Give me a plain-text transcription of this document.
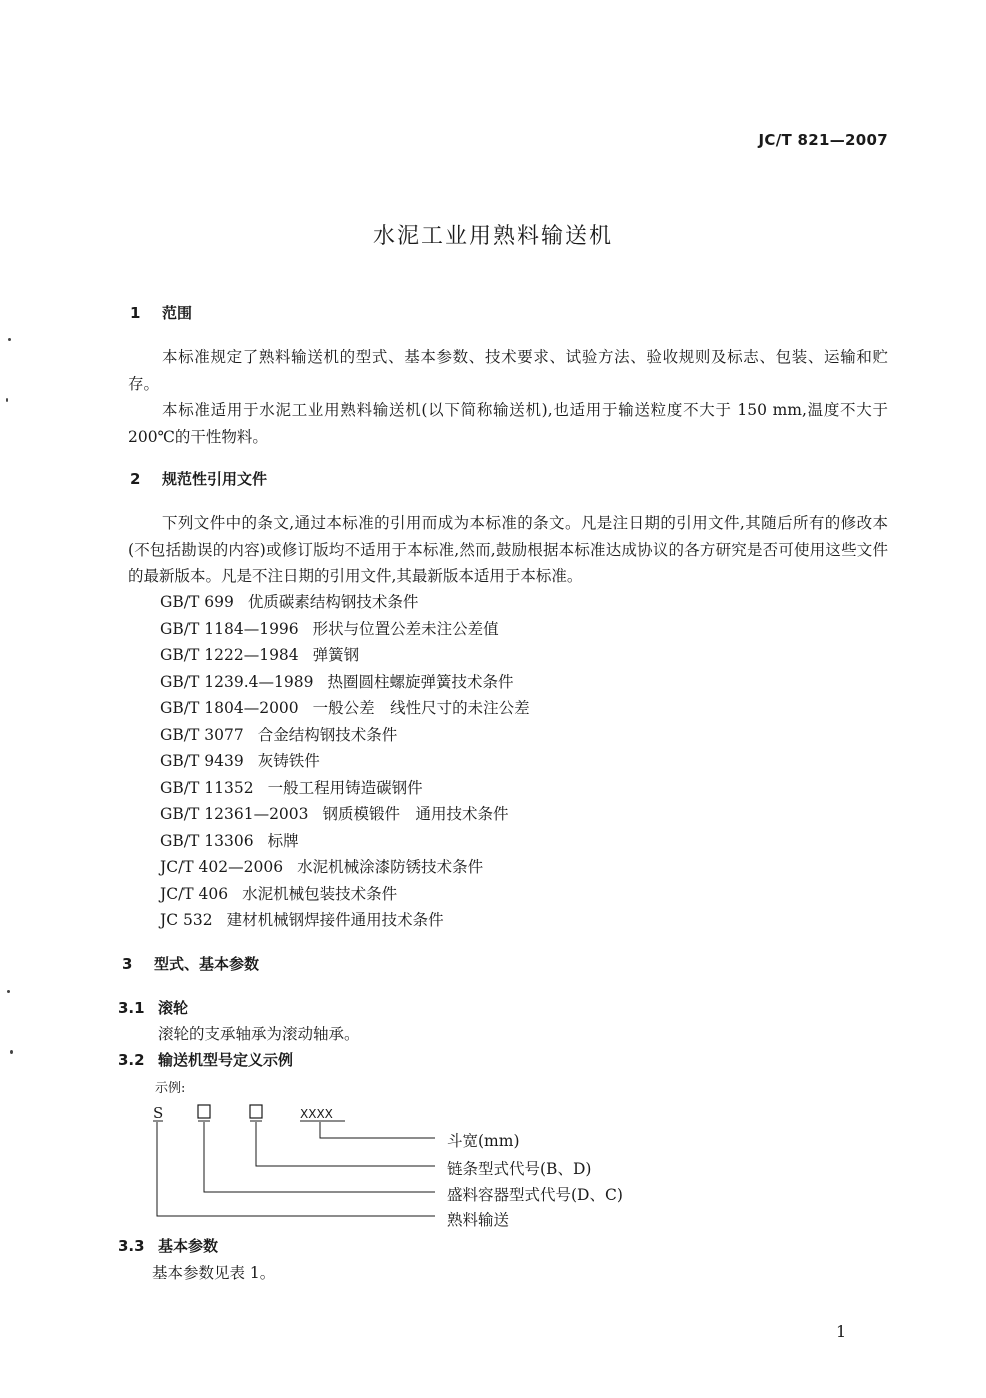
JC/T 821—2007
水泥工业用熟料输送机
1 范围
本标准规定了熟料输送机的型式、基本参数、技术要求、试验方法、验收规则及标志、包装、运输和贮存。
本标准适用于水泥工业用熟料输送机(以下简称输送机),也适用于输送粒度不大于 150 mm,温度不大于 200℃的干性物料。
2 规范性引用文件
下列文件中的条文,通过本标准的引用而成为本标准的条文。凡是注日期的引用文件,其随后所有的修改本(不包括勘误的内容)或修订版均不适用于本标准,然而,鼓励根据本标准达成协议的各方研究是否可使用这些文件的最新版本。凡是不注日期的引用文件,其最新版本适用于本标准。
GB/T 699 优质碳素结构钢技术条件
GB/T 1184—1996 形状与位置公差未注公差值
GB/T 1222—1984 弹簧钢
GB/T 1239.4—1989 热圈圆柱螺旋弹簧技术条件
GB/T 1804—2000 一般公差　线性尺寸的未注公差
GB/T 3077 合金结构钢技术条件
GB/T 9439 灰铸铁件
GB/T 11352 一般工程用铸造碳钢件
GB/T 12361—2003 钢质模锻件　通用技术条件
GB/T 13306 标牌
JC/T 402—2006 水泥机械涂漆防锈技术条件
JC/T 406 水泥机械包装技术条件
JC 532 建材机械钢焊接件通用技术条件
3 型式、基本参数
3.1 滚轮
滚轮的支承轴承为滚动轴承。
3.2 输送机型号定义示例
示例:
S	XXXX
斗宽(mm)
链条型式代号(B、D)
盛料容器型式代号(D、C)
熟料输送
3.3 基本参数
基本参数见表 1。
1
